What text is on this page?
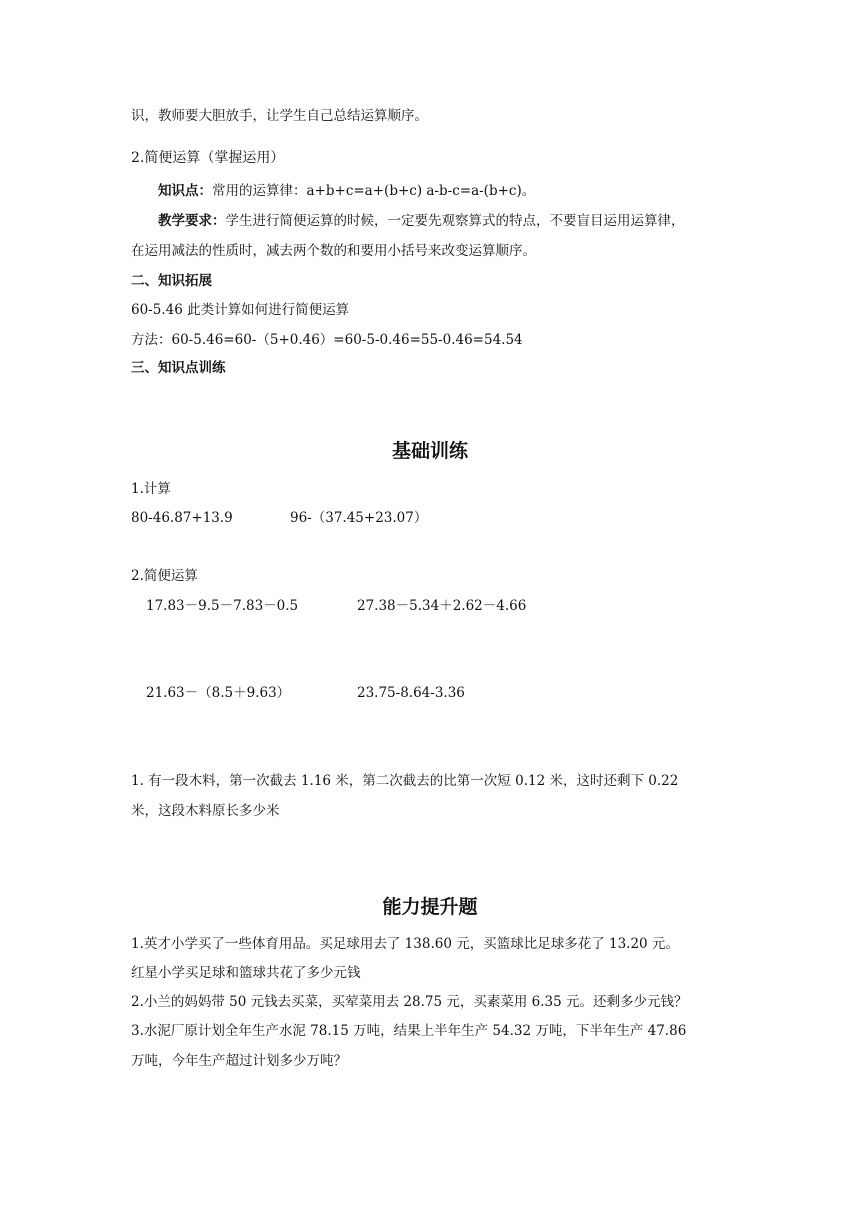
识，教师要大胆放手，让学生自己总结运算顺序。
2.简便运算（掌握运用）
知识点：常用的运算律：a+b+c=a+(b+c) a-b-c=a-(b+c)。
教学要求：学生进行简便运算的时候，一定要先观察算式的特点，不要盲目运用运算律，
在运用减法的性质时，减去两个数的和要用小括号来改变运算顺序。
二、知识拓展
60-5.46 此类计算如何进行简便运算
方法：60-5.46=60-（5+0.46）=60-5-0.46=55-0.46=54.54
三、知识点训练
基础训练
1.计算
80-46.87+13.9	96-（37.45+23.07）
2.简便运算
17.83－9.5－7.83－0.5	27.38－5.34＋2.62－4.66
21.63－（8.5＋9.63）	23.75-8.64-3.36
1. 有一段木料，第一次截去 1.16 米，第二次截去的比第一次短 0.12 米，这时还剩下 0.22
米，这段木料原长多少米
能力提升题
1.英才小学买了一些体育用品。买足球用去了 138.60 元，买篮球比足球多花了 13.20 元。
红星小学买足球和篮球共花了多少元钱
2.小兰的妈妈带 50 元钱去买菜，买荤菜用去 28.75 元，买素菜用 6.35 元。还剩多少元钱？
3.水泥厂原计划全年生产水泥 78.15 万吨，结果上半年生产 54.32 万吨，下半年生产 47.86
万吨，今年生产超过计划多少万吨？
